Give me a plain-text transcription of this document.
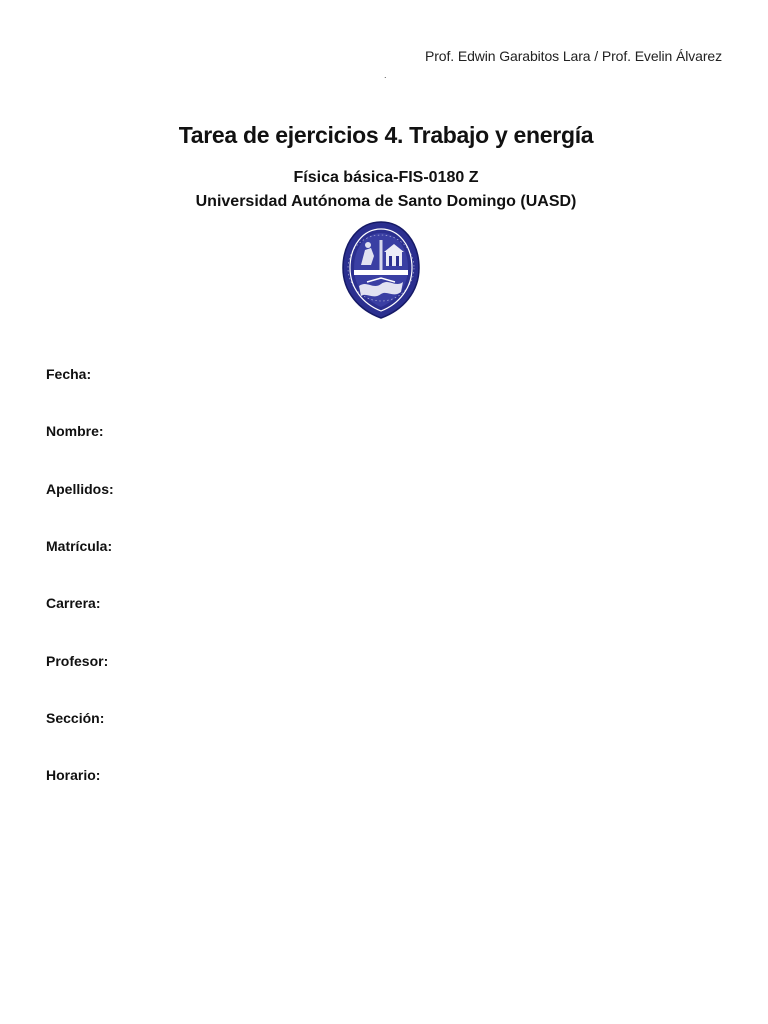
Prof. Edwin Garabitos Lara / Prof. Evelin Álvarez
.
Tarea de ejercicios 4. Trabajo y energía
Física básica-FIS-0180 Z
Universidad Autónoma de Santo Domingo (UASD)
Fecha:
Nombre:
Apellidos:
Matrícula:
Carrera:
Profesor:
Sección:
Horario:
